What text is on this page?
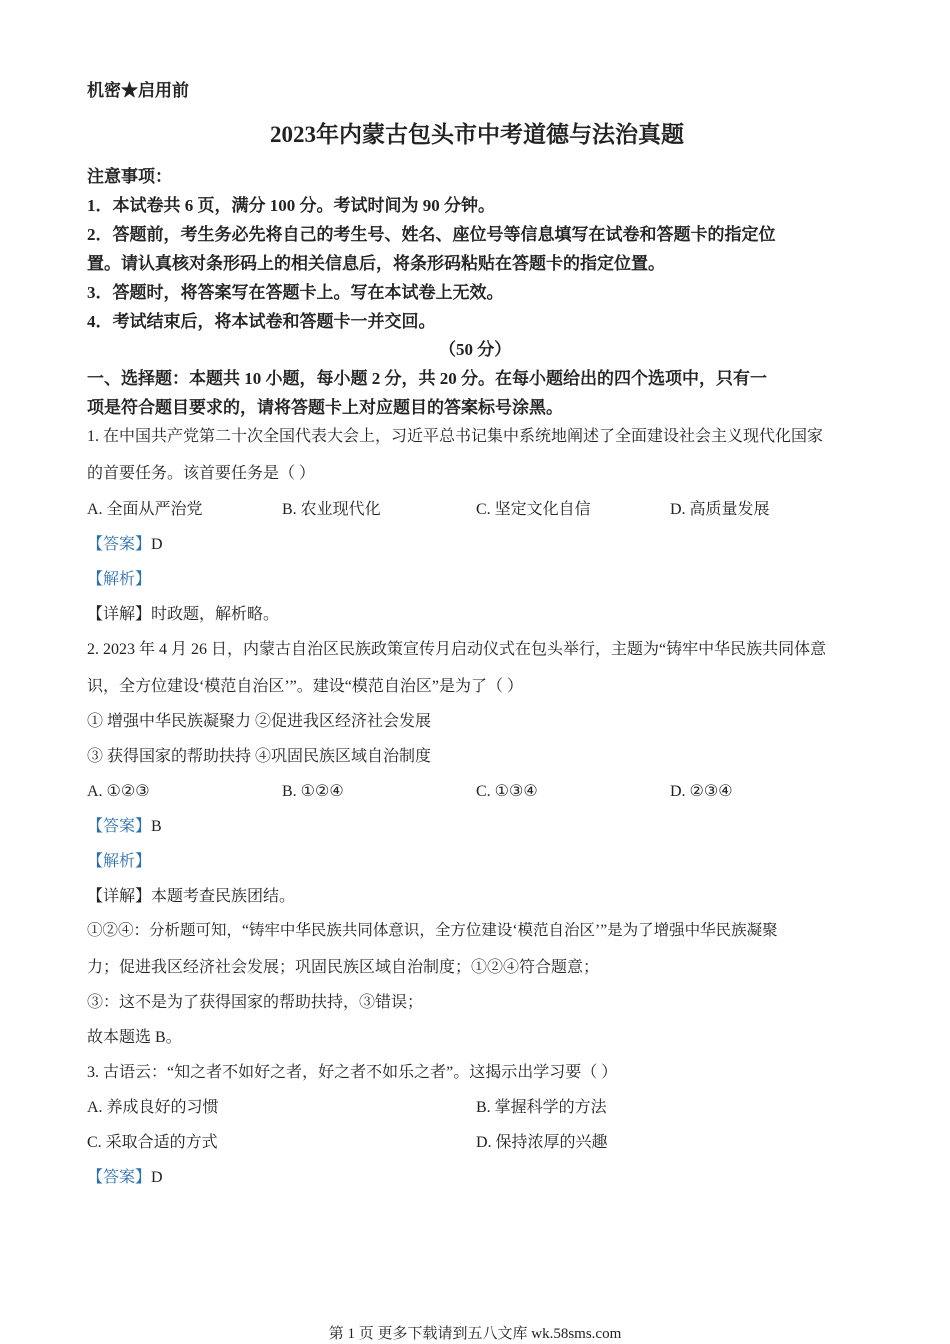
机密★启用前
2023年内蒙古包头市中考道德与法治真题
注意事项：
1．本试卷共 6 页，满分 100 分。考试时间为 90 分钟。
2．答题前，考生务必先将自己的考生号、姓名、座位号等信息填写在试卷和答题卡的指定位
置。请认真核对条形码上的相关信息后，将条形码粘贴在答题卡的指定位置。
3．答题时，将答案写在答题卡上。写在本试卷上无效。
4．考试结束后，将本试卷和答题卡一并交回。
（50 分）
一、选择题：本题共 10 小题，每小题 2 分，共 20 分。在每小题给出的四个选项中，只有一
项是符合题目要求的，请将答题卡上对应题目的答案标号涂黑。
1. 在中国共产党第二十次全国代表大会上，习近平总书记集中系统地阐述了全面建设社会主义现代化国家
的首要任务。该首要任务是（ ）
A. 全面从严治党	B. 农业现代化	C. 坚定文化自信	D. 高质量发展
【答案】D
【解析】
【详解】时政题，解析略。
2. 2023 年 4 月 26 日，内蒙古自治区民族政策宣传月启动仪式在包头举行，主题为“铸牢中华民族共同体意
识，全方位建设‘模范自治区’”。建设“模范自治区”是为了（ ）
① 增强中华民族凝聚力 ②促进我区经济社会发展
③ 获得国家的帮助扶持 ④巩固民族区域自治制度
A. ①②③	B. ①②④	C. ①③④	D. ②③④
【答案】B
【解析】
【详解】本题考查民族团结。
①②④：分析题可知，“铸牢中华民族共同体意识，全方位建设‘模范自治区’”是为了增强中华民族凝聚
力；促进我区经济社会发展；巩固民族区域自治制度；①②④符合题意；
③：这不是为了获得国家的帮助扶持，③错误；
故本题选 B。
3. 古语云：“知之者不如好之者，好之者不如乐之者”。这揭示出学习要（ ）
A. 养成良好的习惯	B. 掌握科学的方法
C. 采取合适的方式	D. 保持浓厚的兴趣
【答案】D
第 1 页 更多下载请到五八文库 wk.58sms.com
